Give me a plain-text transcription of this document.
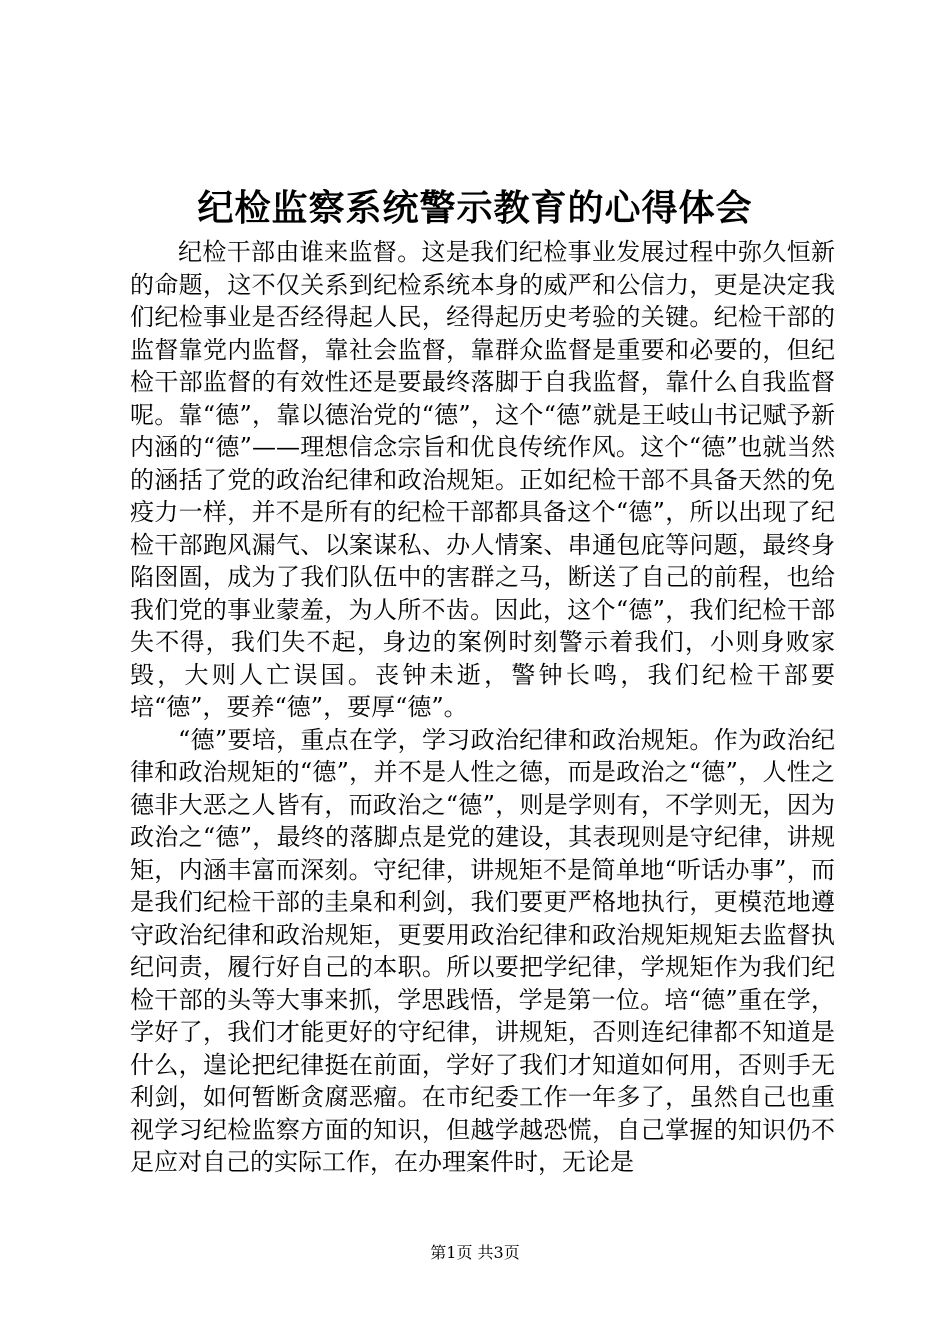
纪检监察系统警示教育的心得体会

纪检干部由谁来监督。这是我们纪检事业发展过程中弥久恒新的命题，这不仅关系到纪检系统本身的威严和公信力，更是决定我们纪检事业是否经得起人民，经得起历史考验的关键。纪检干部的监督靠党内监督，靠社会监督，靠群众监督是重要和必要的，但纪检干部监督的有效性还是要最终落脚于自我监督，靠什么自我监督呢。靠“德”，靠以德治党的“德”，这个“德”就是王岐山书记赋予新内涵的“德”——理想信念宗旨和优良传统作风。这个“德”也就当然的涵括了党的政治纪律和政治规矩。正如纪检干部不具备天然的免疫力一样，并不是所有的纪检干部都具备这个“德”，所以出现了纪检干部跑风漏气、以案谋私、办人情案、串通包庇等问题，最终身陷囹圄，成为了我们队伍中的害群之马，断送了自己的前程，也给我们党的事业蒙羞，为人所不齿。因此，这个“德”，我们纪检干部失不得，我们失不起，身边的案例时刻警示着我们，小则身败家毁，大则人亡误国。丧钟未逝，警钟长鸣，我们纪检干部要培“德”，要养“德”，要厚“德”。

“德”要培，重点在学，学习政治纪律和政治规矩。作为政治纪律和政治规矩的“德”，并不是人性之德，而是政治之“德”，人性之德非大恶之人皆有，而政治之“德”，则是学则有，不学则无，因为政治之“德”，最终的落脚点是党的建设，其表现则是守纪律，讲规矩，内涵丰富而深刻。守纪律，讲规矩不是简单地“听话办事”，而是我们纪检干部的圭臬和利剑，我们要更严格地执行，更模范地遵守政治纪律和政治规矩，更要用政治纪律和政治规矩规矩去监督执纪问责，履行好自己的本职。所以要把学纪律，学规矩作为我们纪检干部的头等大事来抓，学思践悟，学是第一位。培“德”重在学，学好了，我们才能更好的守纪律，讲规矩，否则连纪律都不知道是什么，遑论把纪律挺在前面，学好了我们才知道如何用，否则手无利剑，如何暂断贪腐恶瘤。在市纪委工作一年多了，虽然自己也重视学习纪检监察方面的知识，但越学越恐慌，自己掌握的知识仍不足应对自己的实际工作，在办理案件时，无论是

第1页 共3页
